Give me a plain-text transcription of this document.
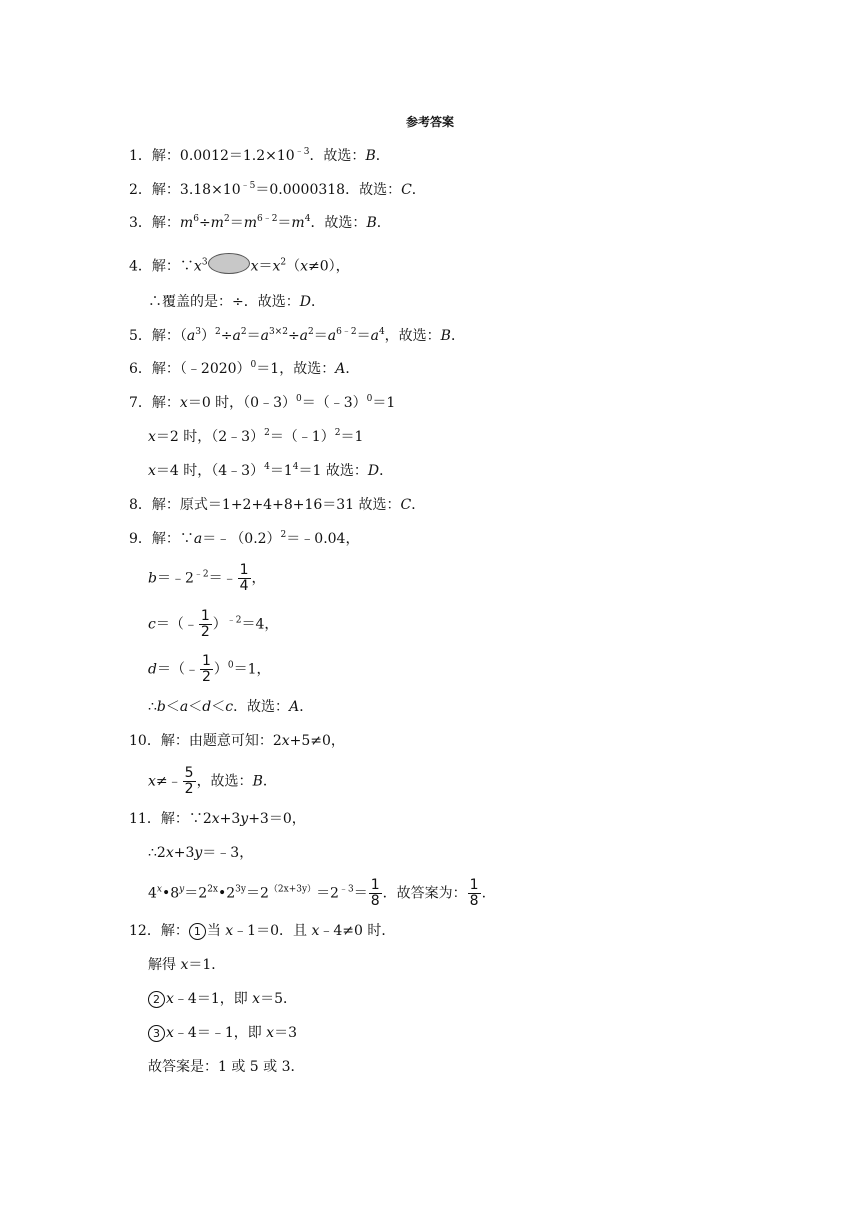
参考答案
1．解：$0.0012=1.2\times 10^{﹣3}$．故选：B．
2．解：$3.18\times 10^{﹣5}=0.0000318$．故选：C．
3．解：$m^6\div m^2=m^{6﹣2}=m^4$．故选：B．
4．解：$\because x^3$	$x=x^2(x\ne 0)$，
∴覆盖的是：÷．故选：D．
5．解：$(a^3)^2\div a^2=a^{3\times 2}\div a^2=a^{6﹣2}=a^4$，故选：B．
6．解：（﹣2020）$^0$＝1，故选：A．
7．解：x＝0 时，（0﹣3）$^0$＝（﹣3）$^0$＝1
x＝2 时，（2﹣3）$^2$＝（﹣1）$^2$＝1
x＝4 时，$(4﹣3)^4=1^4=1$ 故选：D．
8．解：原式＝1+2+4+8+16＝31 故选：C．
9．解：$\because a=﹣(0.2)^2=﹣0.04$，
$b=﹣2^{﹣2}=﹣ \frac{1}{4}$ ，
c＝（﹣ $\frac{1}{2} )^{﹣2}=4$，
d＝（﹣ $\frac{1}{2} )^0=1$，
∴b＜a＜d＜c．故选：A．
10．解：由题意可知：2x+5≠0，
x≠﹣ $\frac{5}{2}$ ，故选：B．
11．解：∵2x+3y+3＝0，
∴2x+3y＝﹣3，
$4^x•8^y=2^{2x}•2^{3y}=2^{(2x+3y)}=2^{﹣3}= \frac{1}{8}$ ．故答案为： $\frac{1}{8}$ .
12．解： 1 当 x﹣1＝0．且 x﹣4≠0 时．
解得 x＝1．
2 x﹣4＝1，即 x＝5．
3 x﹣4＝﹣1，即 x＝3
故答案是：1 或 5 或 3．
